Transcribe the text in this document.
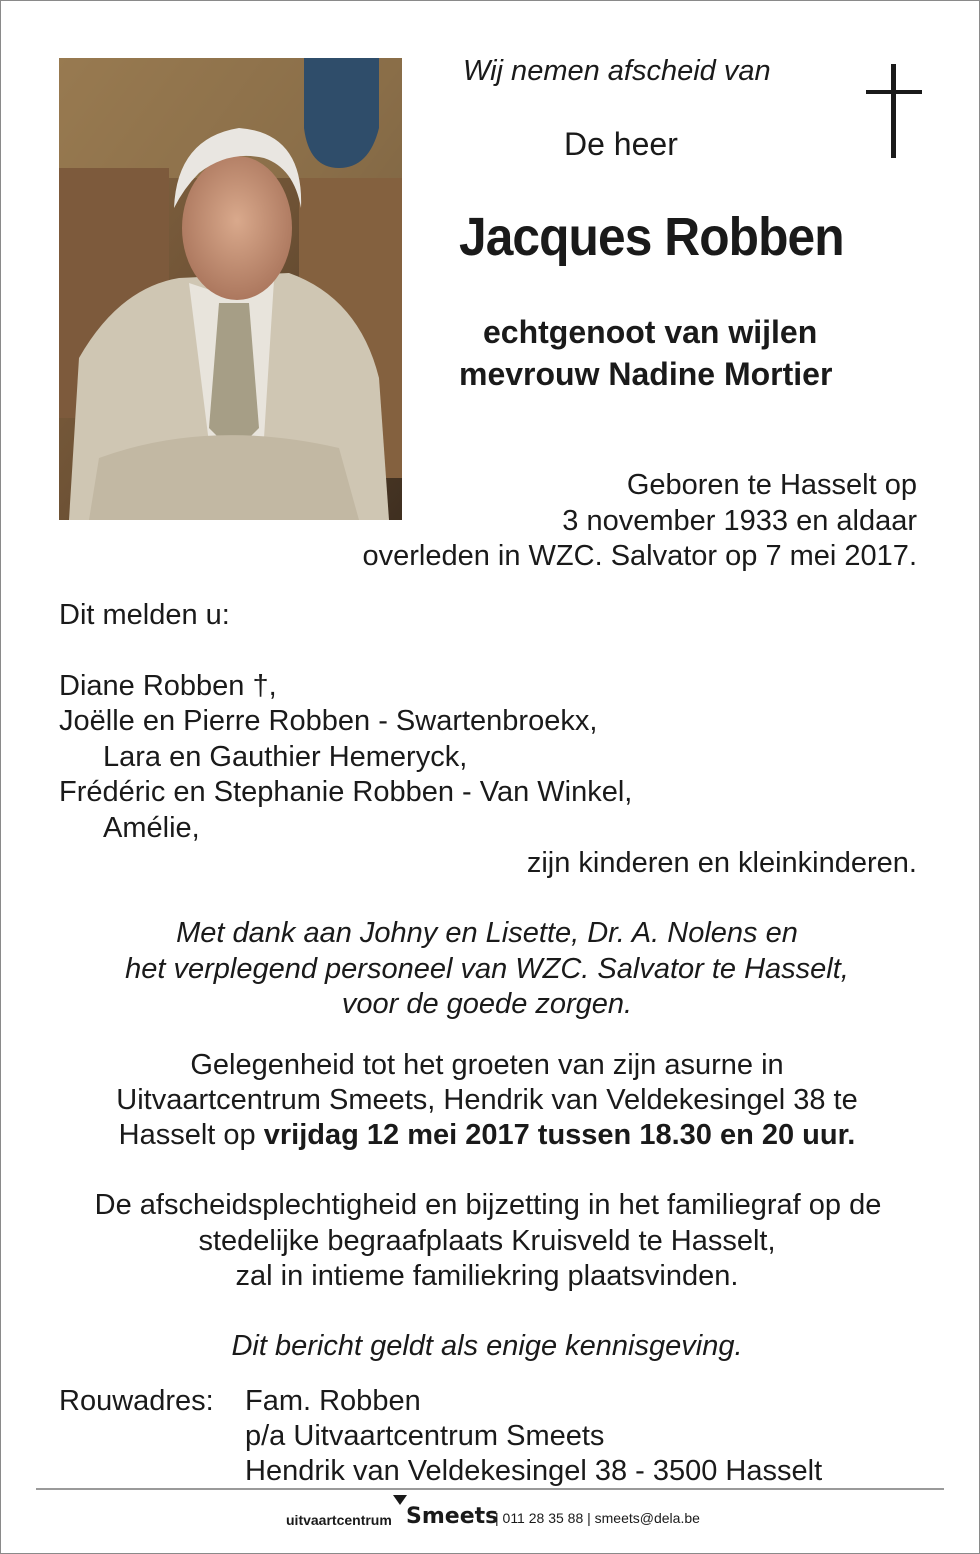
Wij nemen afscheid van
De heer
Jacques Robben
echtgenoot van wijlen
mevrouw Nadine Mortier
Geboren te Hasselt op
3 november 1933 en aldaar
overleden in WZC. Salvator op 7 mei 2017.
Dit melden u:
Diane Robben †,
Joëlle en Pierre Robben - Swartenbroekx,
Lara en Gauthier Hemeryck,
Frédéric en Stephanie Robben - Van Winkel,
Amélie,
zijn kinderen en kleinkinderen.
Met dank aan Johny en Lisette, Dr. A. Nolens en
het verplegend personeel van WZC. Salvator te Hasselt,
voor de goede zorgen.
Gelegenheid tot het groeten van zijn asurne in
Uitvaartcentrum Smeets, Hendrik van Veldekesingel 38 te
Hasselt op vrijdag 12 mei 2017 tussen 18.30 en 20 uur.
De afscheidsplechtigheid en bijzetting in het familiegraf op de
stedelijke begraafplaats Kruisveld te Hasselt,
zal in intieme familiekring plaatsvinden.
Dit bericht geldt als enige kennisgeving.
Rouwadres: Fam. Robben
p/a Uitvaartcentrum Smeets
Hendrik van Veldekesingel 38 - 3500 Hasselt
uitvaartcentrum Smeets
| 011 28 35 88 | smeets@dela.be
